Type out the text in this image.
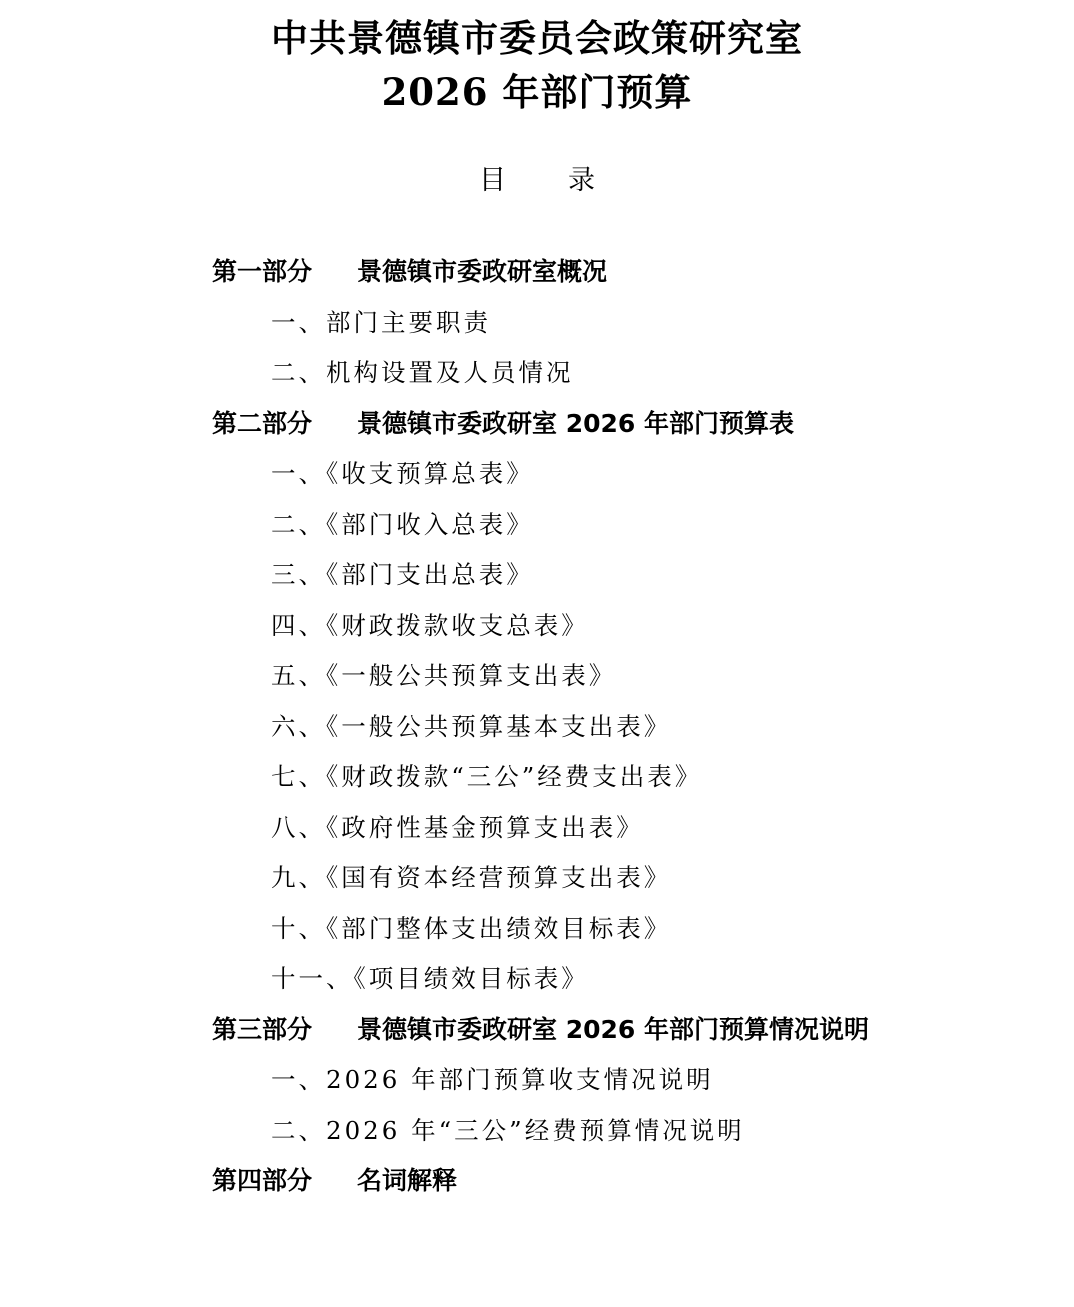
中共景德镇市委员会政策研究室
2026 年部门预算
目 录
第一部分 景德镇市委政研室概况
一、部门主要职责
二、机构设置及人员情况
第二部分 景德镇市委政研室 2026 年部门预算表
一、《收支预算总表》
二、《部门收入总表》
三、《部门支出总表》
四、《财政拨款收支总表》
五、《一般公共预算支出表》
六、《一般公共预算基本支出表》
七、《财政拨款“三公”经费支出表》
八、《政府性基金预算支出表》
九、《国有资本经营预算支出表》
十、《部门整体支出绩效目标表》
十一、《项目绩效目标表》
第三部分 景德镇市委政研室 2026 年部门预算情况说明
一、2026 年部门预算收支情况说明
二、2026 年“三公”经费预算情况说明
第四部分 名词解释
